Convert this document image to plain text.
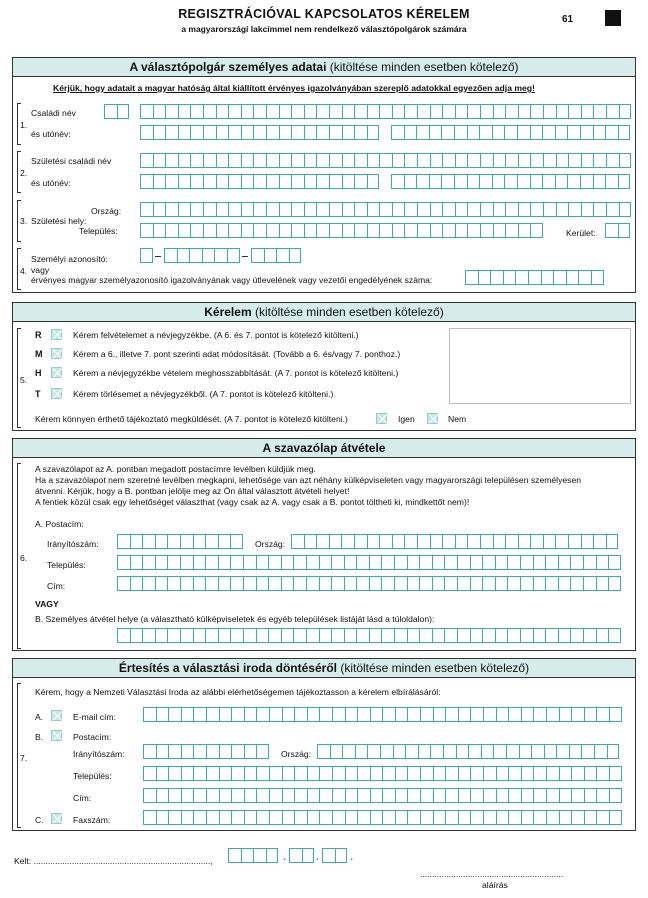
REGISZTRÁCIÓVAL KAPCSOLATOS KÉRELEM
a magyarországi lakcímmel nem rendelkező választópolgárok számára
61
A választópolgár személyes adatai (kitöltése minden esetben kötelező)
Kérjük, hogy adatait a magyar hatóság által kiállított érvényes igazolványában szereplő adatokkal egyezően adja meg!
1.
Családi név
és utónév:
2.
Születési családi név
és utónév:
3. Születési hely:
Ország:
Település:	Kerület:
4.
Személyi azonosító:
vagy
érvényes magyar személyazonosító igazolványának vagy útlevelének vagy vezetői engedélyének száma:
Kérelem (kitöltése minden esetben kötelező)
5.
R	Kérem felvételemet a névjegyzékbe. (A 6. és 7. pontot is kötelező kitölteni.)
M	Kérem a 6., illetve 7. pont szerinti adat módosítását. (Tovább a 6. és/vagy 7. ponthoz.)
H	Kérem a névjegyzékbe vételem meghosszabbítását. (A 7. pontot is kötelező kitölteni.)
T	Kérem törlésemet a névjegyzékből. (A 7. pontot is kötelező kitölteni.)
Kérem könnyen érthető tájékoztató megküldését. (A 7. pontot is kötelező kitölteni.)	Igen	Nem
A szavazólap átvétele
A szavazólapot az A. pontban megadott postacímre levélben küldjük meg.
Ha a szavazólapot nem szeretné levélben megkapni, lehetősége van azt néhány külképviseleten vagy magyarországi településen személyesen
átvenni. Kérjük, hogy a B. pontban jelölje meg az Ön által választott átvételi helyet!
A fentiek közül csak egy lehetőséget választhat (vagy csak az A. vagy csak a B. pontot töltheti ki, mindkettőt nem)!
6.
A. Postacím:
Irányítószám:	Ország:
Település:
Cím:
VAGY
B. Személyes átvétel helye (a választható külképviseletek és egyéb települések listáját lásd a túloldalon):
Értesítés a választási iroda döntéséről (kitöltése minden esetben kötelező)
Kérem, hogy a Nemzeti Választási Iroda az alábbi elérhetőségemen tájékoztasson a kérelem elbírálásáról:
7.
A.	E-mail cím:
B.	Postacím:
Irányítószám:	Ország:
Település:
Cím:
C.	Faxszám:
Kelt: ..........................................................................,	.	.	.
............................................................
aláírás
